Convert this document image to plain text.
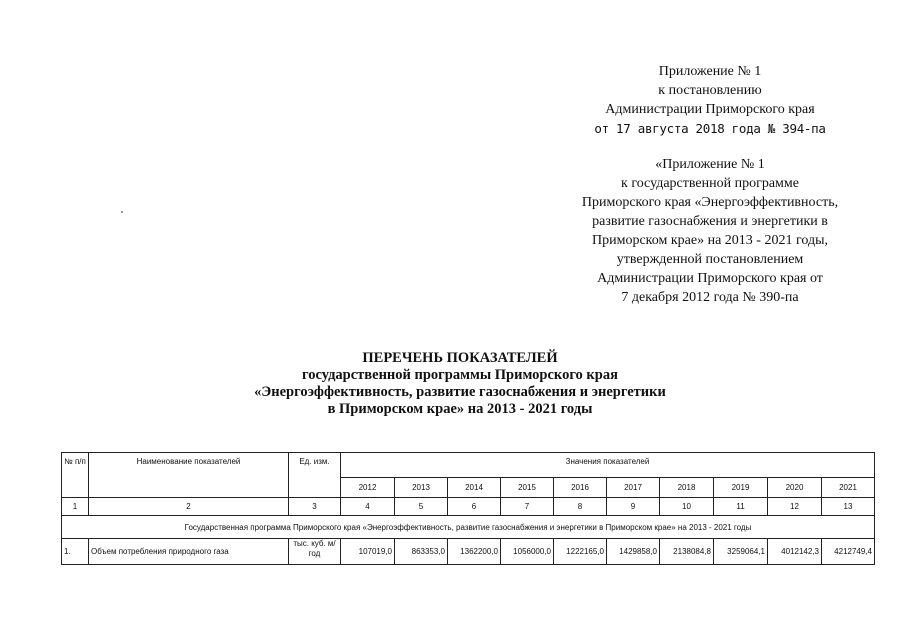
Приложение № 1
к постановлению
Администрации Приморского края
от 17 августа 2018 года № 394-па
«Приложение № 1
к государственной программе
Приморского края «Энергоэффективность,
развитие газоснабжения и энергетики в
Приморском крае» на 2013 - 2021 годы,
утвержденной постановлением
Администрации Приморского края от
7 декабря 2012 года № 390-па
ПЕРЕЧЕНЬ ПОКАЗАТЕЛЕЙ
государственной программы Приморского края
«Энергоэффективность, развитие газоснабжения и энергетики
в Приморском крае» на 2013 - 2021 годы
№ п/п	Наименование показателей	Ед. изм.	Значения показателей									
			2012	2013	2014	2015	2016	2017	2018	2019	2020	2021
1	2	3	4	5	6	7	8	9	10	11	12	13
Государственная программа Приморского края «Энергоэффективность, развитие газоснабжения и энергетики в Приморском крае» на 2013 - 2021 годы												
1.	Объем потребления природного газа	тыс. куб. м/год	107019,0	863353,0	1362200,0	1056000,0	1222165,0	1429858,0	2138084,8	3259064,1	4012142,3	4212749,4
